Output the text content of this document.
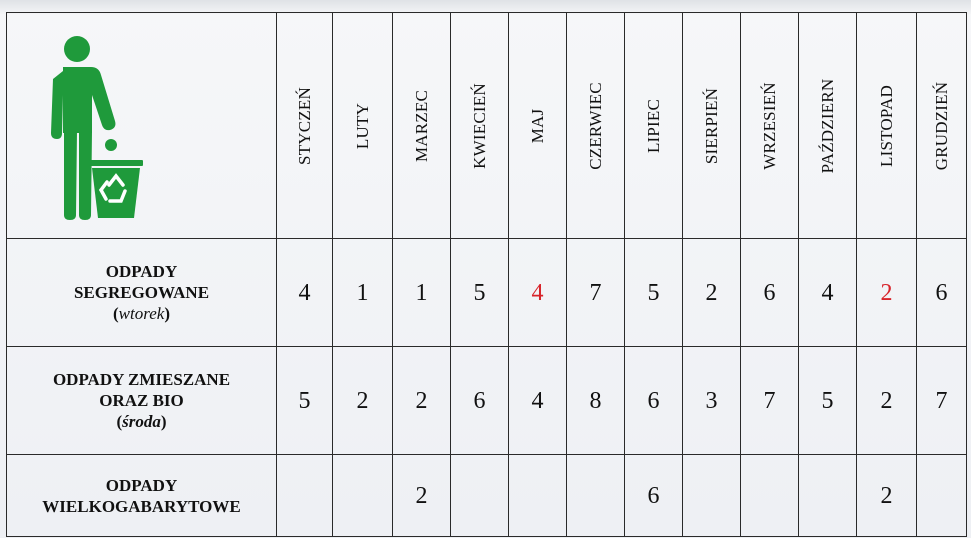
STYCZEŃ	LUTY	MARZEC	KWIECIEŃ	MAJ	CZERWIEC	LIPIEC	SIERPIEŃ	WRZESIEŃ	PAŹDZIERN	LISTOPAD	GRUDZIEŃ

ODPADY
SEGREGOWANE
(wtorek)	4	1	1	5	4	7	5	2	6	4	2	6

ODPADY ZMIESZANE
ORAZ BIO
(środa)	5	2	2	6	4	8	6	3	7	5	2	7

ODPADY
WIELKOGABARYTOWE			2				6				2	
